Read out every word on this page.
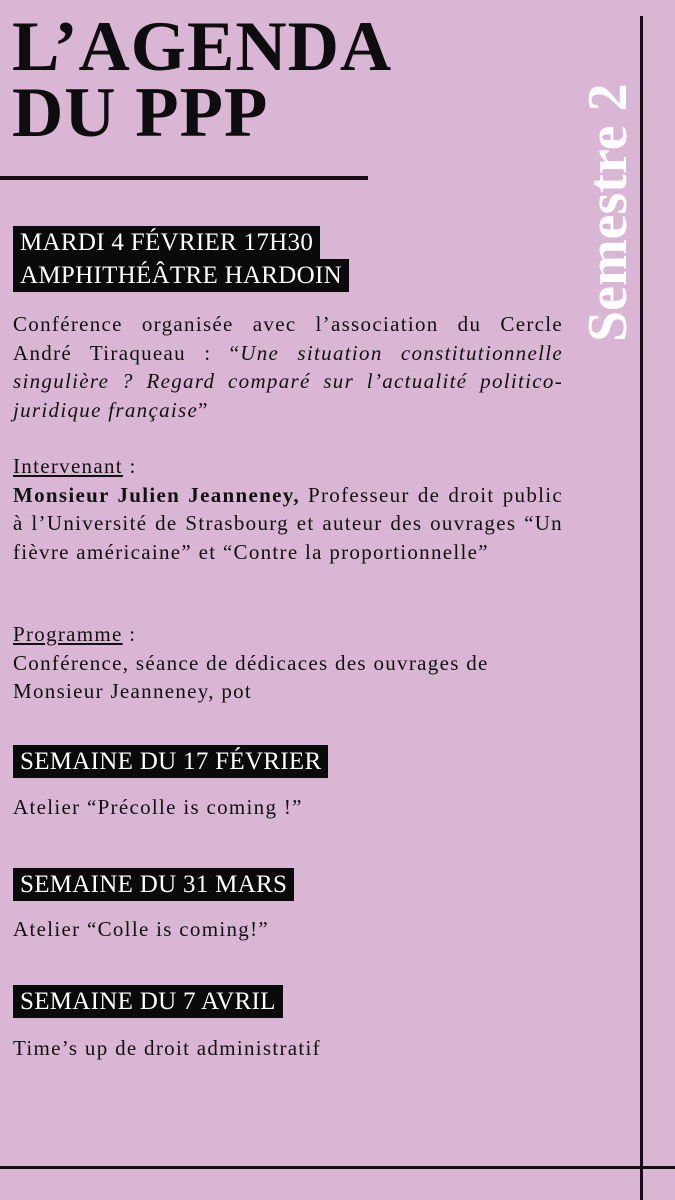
L’AGENDA
DU PPP	Semestre 2
MARDI 4 FÉVRIER 17H30
AMPHITHÉÂTRE HARDOIN

Conférence organisée avec l’association du Cercle André Tiraqueau : “Une situation constitutionnelle singulière ? Regard comparé sur l’actualité politico-juridique française”

Intervenant :
Monsieur Julien Jeanneney, Professeur de droit public à l’Université de Strasbourg et auteur des ouvrages “Un fièvre américaine” et “Contre la proportionnelle”

Programme :
Conférence, séance de dédicaces des ouvrages de Monsieur Jeanneney, pot

SEMAINE DU 17 FÉVRIER

Atelier “Précolle is coming !”

SEMAINE DU 31 MARS

Atelier “Colle is coming!”

SEMAINE DU 7 AVRIL

Time’s up de droit administratif
